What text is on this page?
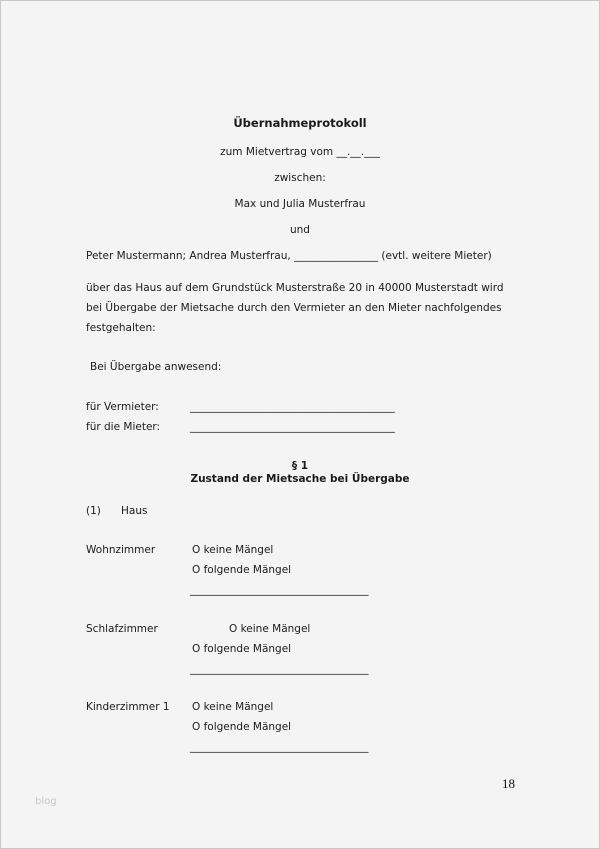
Übernahmeprotokoll
zum Mietvertrag vom __.__.___
zwischen:
Max und Julia Musterfrau
und
Peter Mustermann; Andrea Musterfrau, ________________ (evtl. weitere Mieter)
über das Haus auf dem Grundstück Musterstraße 20 in 40000 Musterstadt wird
bei Übergabe der Mietsache durch den Vermieter an den Mieter nachfolgendes
festgehalten:
Bei Übergabe anwesend:
für Vermieter:	_______________________________________
für die Mieter:	_______________________________________
§ 1
Zustand der Mietsache bei Übergabe
(1) Haus
Wohnzimmer	O keine Mängel
O folgende Mängel
__________________________________
Schlafzimmer	O keine Mängel
O folgende Mängel
__________________________________
Kinderzimmer 1 O keine Mängel
O folgende Mängel
__________________________________
18
blog
